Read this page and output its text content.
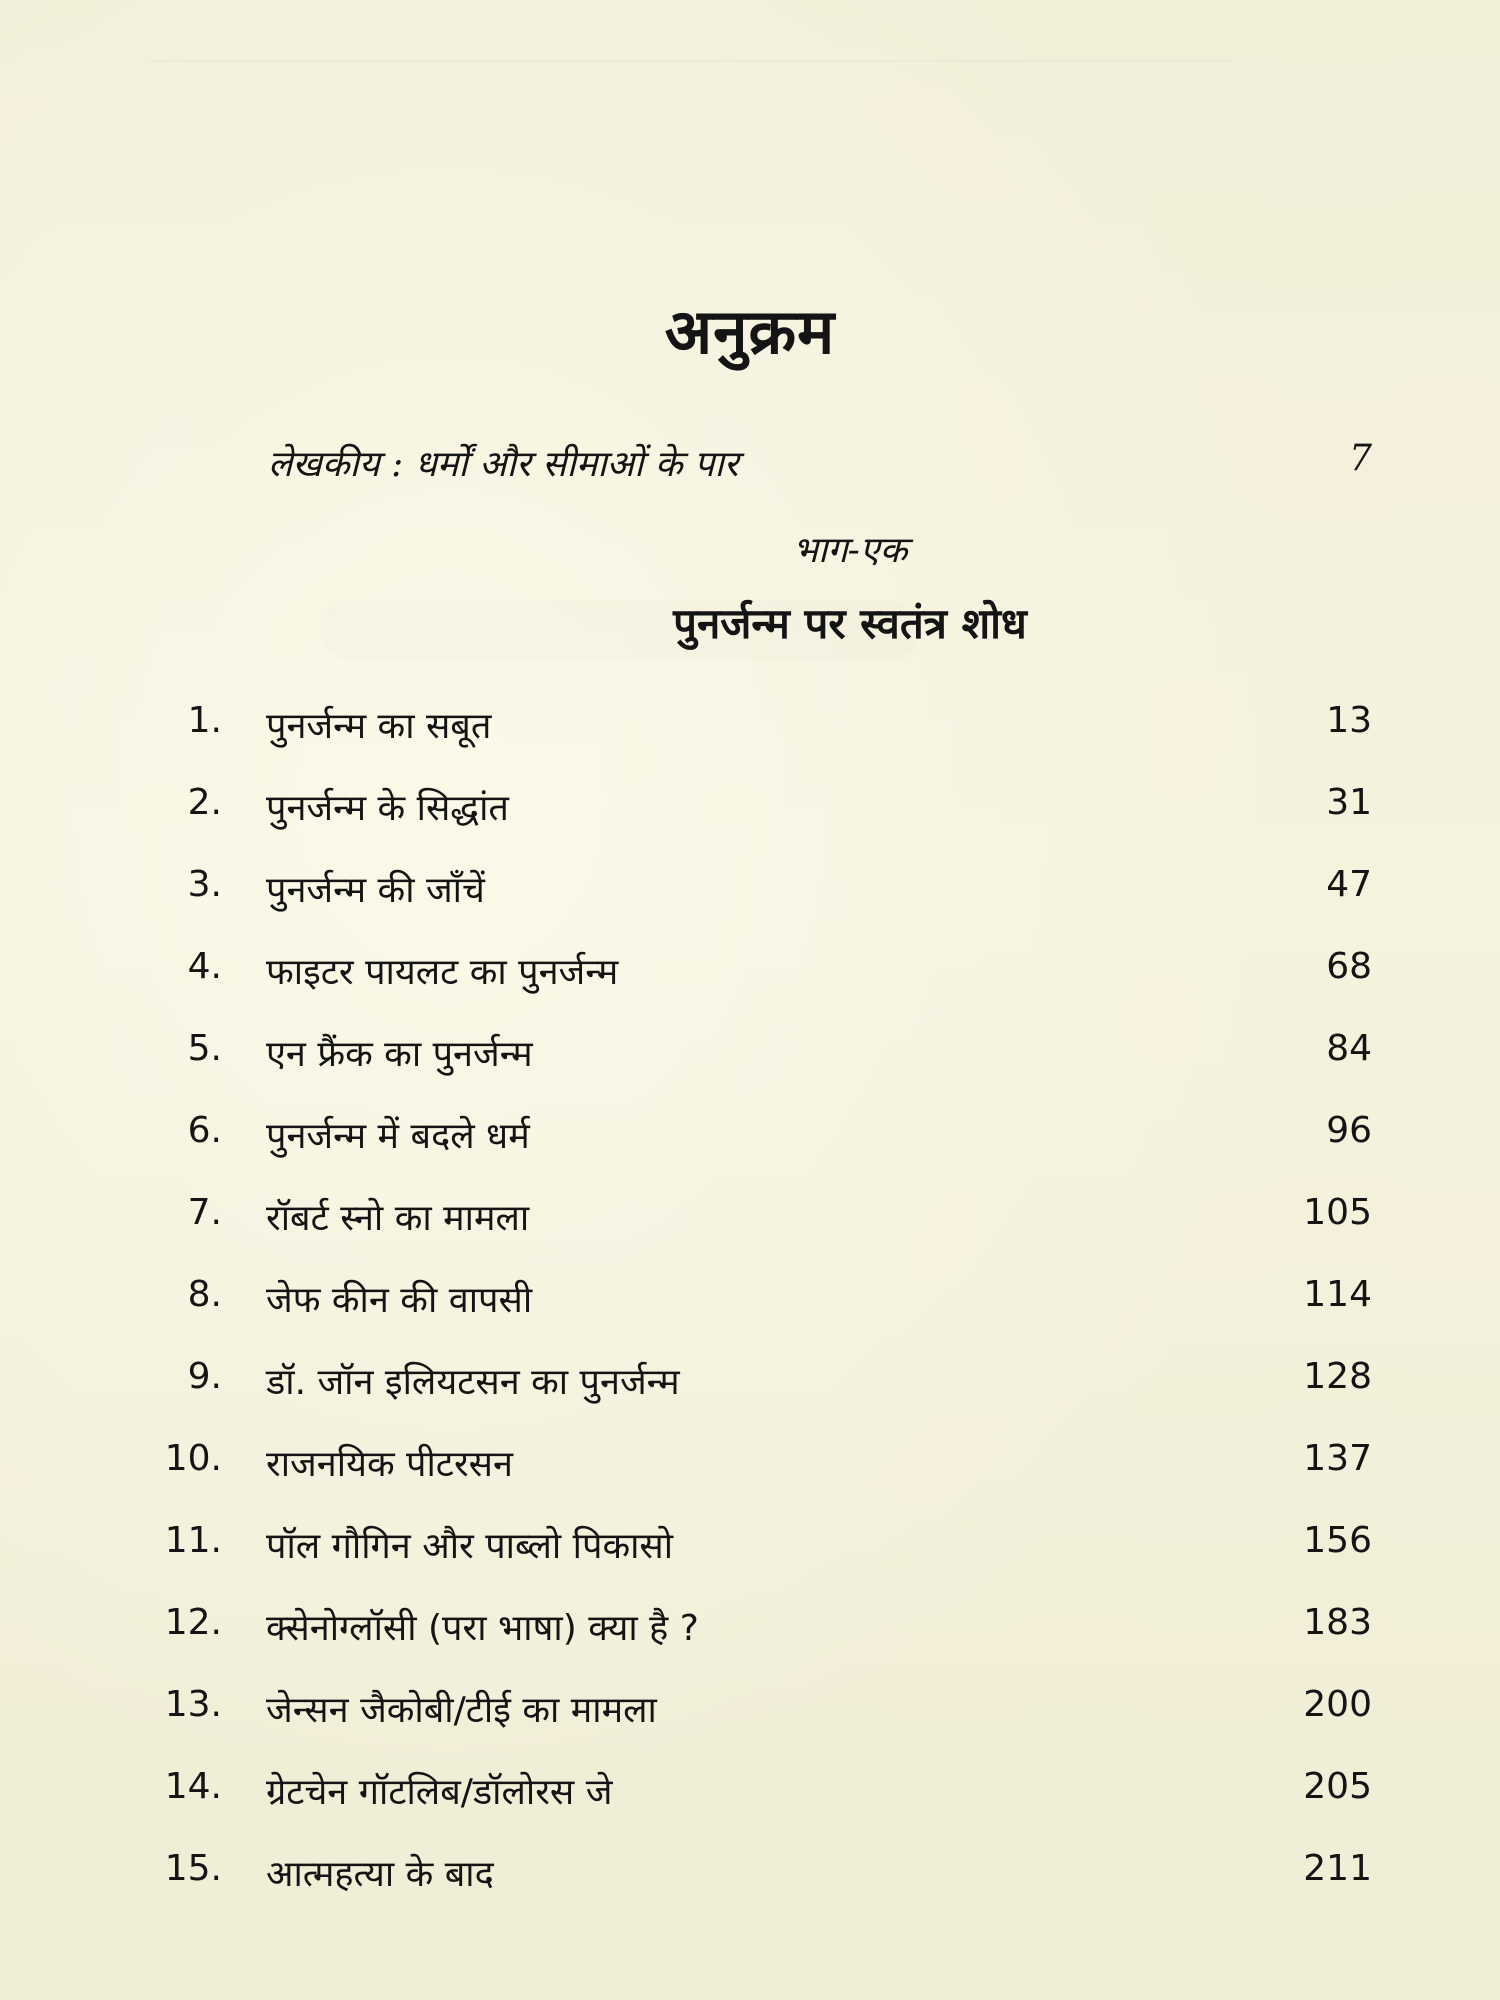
अनुक्रम
लेखकीय : धर्मों और सीमाओं के पार	7
भाग-एक
पुनर्जन्म पर स्वतंत्र शोध
1. पुनर्जन्म का सबूत	13
2. पुनर्जन्म के सिद्धांत	31
3. पुनर्जन्म की जाँचें	47
4. फाइटर पायलट का पुनर्जन्म	68
5. एन फ्रैंक का पुनर्जन्म	84
6. पुनर्जन्म में बदले धर्म	96
7. रॉबर्ट स्नो का मामला	105
8. जेफ कीन की वापसी	114
9. डॉ. जॉन इलियटसन का पुनर्जन्म	128
10. राजनयिक पीटरसन	137
11. पॉल गौगिन और पाब्लो पिकासो	156
12. क्सेनोग्लॉसी (परा भाषा) क्या है ?	183
13. जेन्सन जैकोबी/टीई का मामला	200
14. ग्रेटचेन गॉटलिब/डॉलोरस जे	205
15. आत्महत्या के बाद	211
